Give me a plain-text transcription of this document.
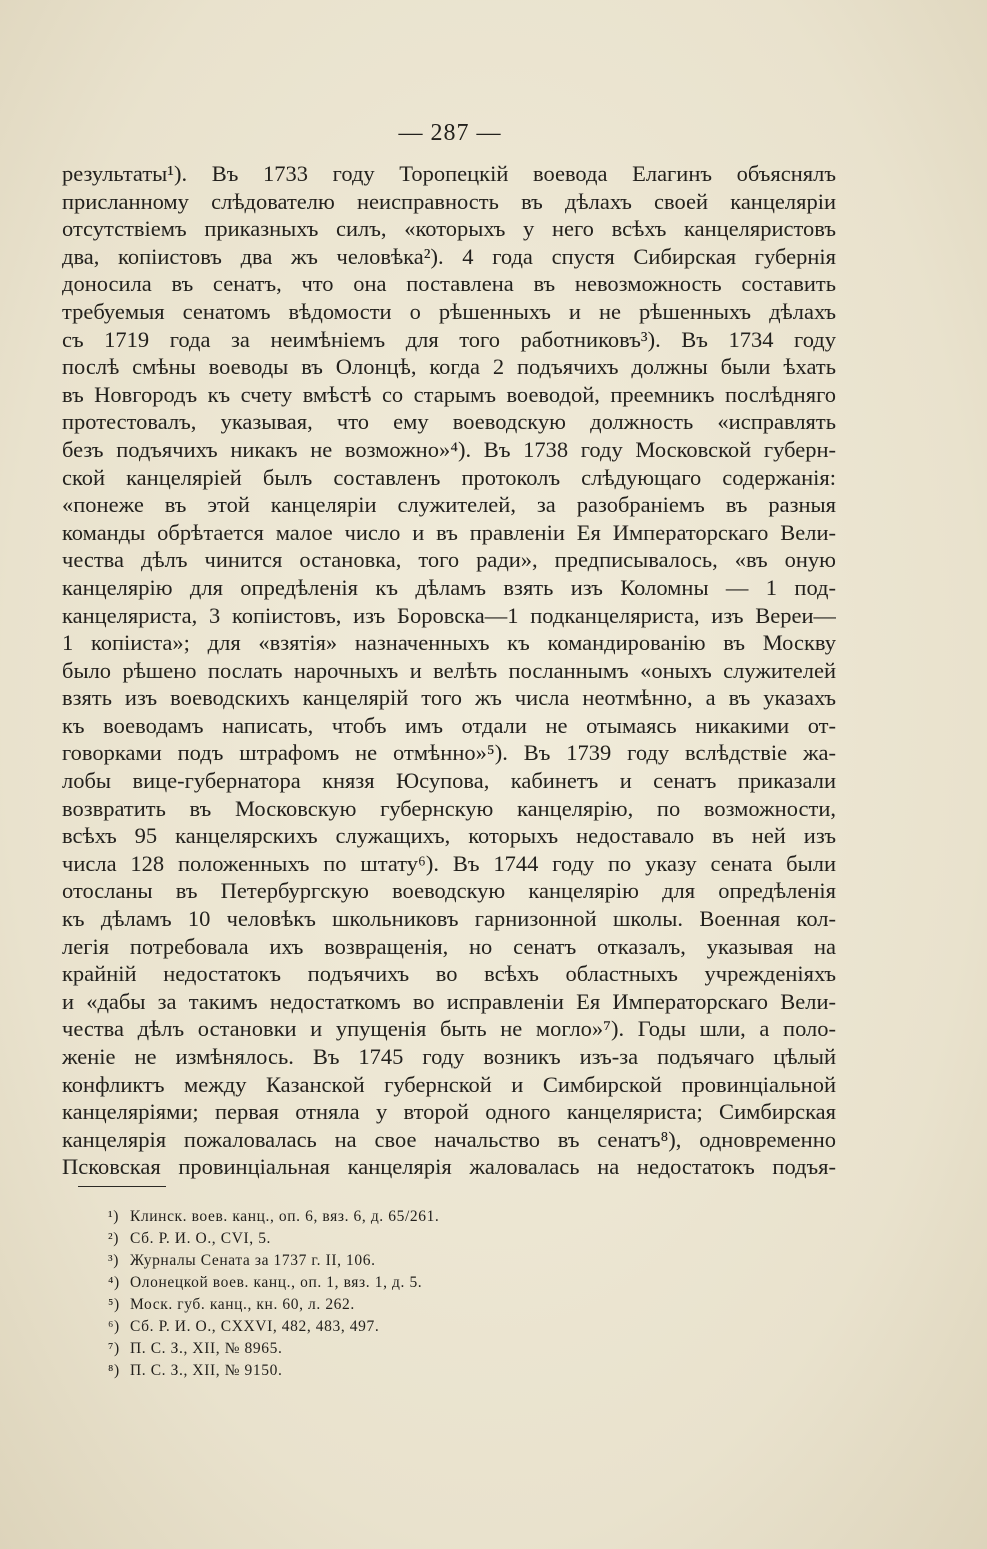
— 287 —
результаты¹). Въ 1733 году Торопецкій воевода Елагинъ объяснялъ
присланному слѣдователю неисправность въ дѣлахъ своей канцеляріи
отсутствіемъ приказныхъ силъ, «которыхъ у него всѣхъ канцеляристовъ
два, копіистовъ два жъ человѣка²). 4 года спустя Сибирская губернія
доносила въ сенатъ, что она поставлена въ невозможность составить
требуемыя сенатомъ вѣдомости о рѣшенныхъ и не рѣшенныхъ дѣлахъ
съ 1719 года за неимѣніемъ для того работниковъ³). Въ 1734 году
послѣ смѣны воеводы въ Олонцѣ, когда 2 подъячихъ должны были ѣхать
въ Новгородъ къ счету вмѣстѣ со старымъ воеводой, преемникъ послѣдняго
протестовалъ, указывая, что ему воеводскую должность «исправлять
безъ подъячихъ никакъ не возможно»⁴). Въ 1738 году Московской губерн-
ской канцеляріей былъ составленъ протоколъ слѣдующаго содержанія:
«понеже въ этой канцеляріи служителей, за разобраніемъ въ разныя
команды обрѣтается малое число и въ правленіи Ея Императорскаго Вели-
чества дѣлъ чинится остановка, того ради», предписывалось, «въ оную
канцелярію для опредѣленія къ дѣламъ взять изъ Коломны — 1 под-
канцеляриста, 3 копіистовъ, изъ Боровска—1 подканцеляриста, изъ Вереи—
1 копіиста»; для «взятія» назначенныхъ къ командированію въ Москву
было рѣшено послать нарочныхъ и велѣть посланнымъ «оныхъ служителей
взять изъ воеводскихъ канцелярій того жъ числа неотмѣнно, а въ указахъ
къ воеводамъ написать, чтобъ имъ отдали не отымаясь никакими от-
говорками подъ штрафомъ не отмѣнно»⁵). Въ 1739 году вслѣдствіе жа-
лобы вице-губернатора князя Юсупова, кабинетъ и сенатъ приказали
возвратить въ Московскую губернскую канцелярію, по возможности,
всѣхъ 95 канцелярскихъ служащихъ, которыхъ недоставало въ ней изъ
числа 128 положенныхъ по штату⁶). Въ 1744 году по указу сената были
отосланы въ Петербургскую воеводскую канцелярію для опредѣленія
къ дѣламъ 10 человѣкъ школьниковъ гарнизонной школы. Военная кол-
легія потребовала ихъ возвращенія, но сенатъ отказалъ, указывая на
крайній недостатокъ подъячихъ во всѣхъ областныхъ учрежденіяхъ
и «дабы за такимъ недостаткомъ во исправленіи Ея Императорскаго Вели-
чества дѣлъ остановки и упущенія быть не могло»⁷). Годы шли, а поло-
женіе не измѣнялось. Въ 1745 году возникъ изъ-за подъячаго цѣлый
конфликтъ между Казанской губернской и Симбирской провинціальной
канцеляріями; первая отняла у второй одного канцеляриста; Симбирская
канцелярія пожаловалась на свое начальство въ сенатъ⁸), одновременно
Псковская провинціальная канцелярія жаловалась на недостатокъ подъя-
¹) Клинск. воев. канц., оп. 6, вяз. 6, д. 65/261.
²) Сб. Р. И. О., CVI, 5.
³) Журналы Сената за 1737 г. II, 106.
⁴) Олонецкой воев. канц., оп. 1, вяз. 1, д. 5.
⁵) Моск. губ. канц., кн. 60, л. 262.
⁶) Сб. Р. И. О., CXXVI, 482, 483, 497.
⁷) П. С. З., XII, № 8965.
⁸) П. С. З., XII, № 9150.
